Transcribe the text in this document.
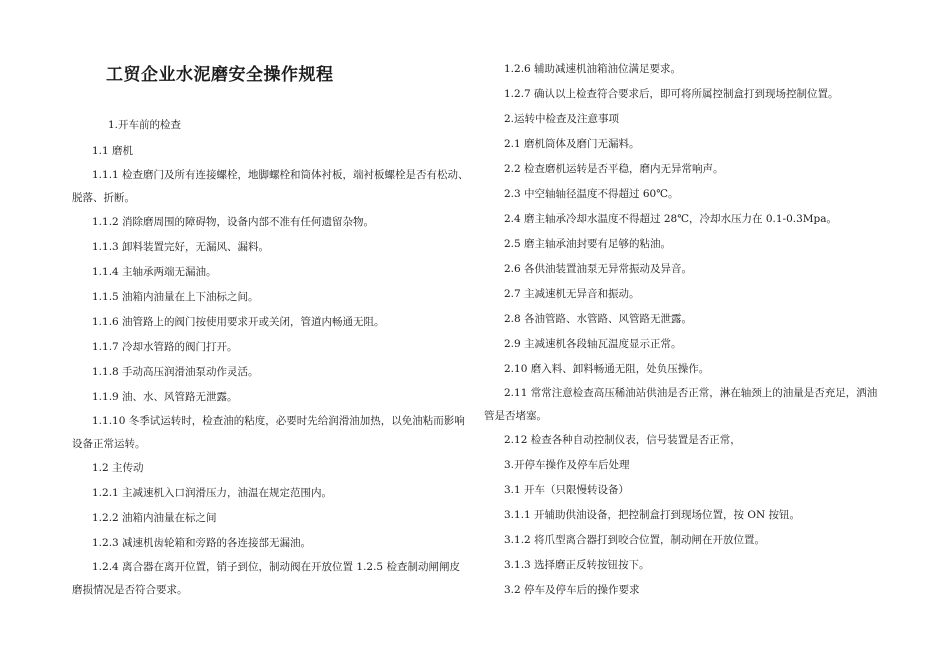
工贸企业水泥磨安全操作规程
1.开车前的检查
1.1 磨机
1.1.1 检查磨门及所有连接螺栓，地脚螺栓和筒体衬板，端衬板螺栓是否有松动、脱落、折断。
1.1.2 消除磨周围的障碍物，设备内部不准有任何遗留杂物。
1.1.3 卸料装置完好，无漏风、漏料。
1.1.4 主轴承两端无漏油。
1.1.5 油箱内油量在上下油标之间。
1.1.6 油管路上的阀门按使用要求开或关闭，管道内畅通无阻。
1.1.7 冷却水管路的阀门打开。
1.1.8 手动高压润滑油泵动作灵活。
1.1.9 油、水、风管路无泄露。
1.1.10 冬季试运转时，检查油的粘度，必要时先给润滑油加热，以免油粘而影响 设备正常运转。
1.2 主传动
1.2.1 主减速机入口润滑压力，油温在规定范围内。
1.2.2 油箱内油量在标之间
1.2.3 减速机齿轮箱和旁路的各连接部无漏油。
1.2.4 离合器在离开位置，销子到位，制动阀在开放位置 1.2.5 检查制动闸闸皮磨损情况是否符合要求。
1.2.6 辅助减速机油箱油位满足要求。
1.2.7 确认以上检查符合要求后，即可将所属控制盒打到现场控制位置。
2.运转中检查及注意事项
2.1 磨机筒体及磨门无漏料。
2.2 检查磨机运转是否平稳，磨内无异常响声。
2.3 中空轴轴径温度不得超过 60℃。
2.4 磨主轴承冷却水温度不得超过 28℃，冷却水压力在 0.1-0.3Mpa。
2.5 磨主轴承油封要有足够的粘油。
2.6 各供油装置油泵无异常振动及异音。
2.7 主减速机无异音和振动。
2.8 各油管路、水管路、风管路无泄露。
2.9 主减速机各段轴瓦温度显示正常。
2.10 磨入料、卸料畅通无阻，处负压操作。
2.11 常常注意检查高压稀油站供油是否正常，淋在轴颈上的油量是否充足，洒油管是否堵塞。
2.12 检查各种自动控制仪表，信号装置是否正常，
3.开停车操作及停车后处理
3.1 开车（只限慢转设备）
3.1.1 开辅助供油设备，把控制盒打到现场位置，按 ON 按钮。
3.1.2 将爪型离合器打到咬合位置，制动闸在开放位置。
3.1.3 选择磨正反转按钮按下。
3.2 停车及停车后的操作要求
